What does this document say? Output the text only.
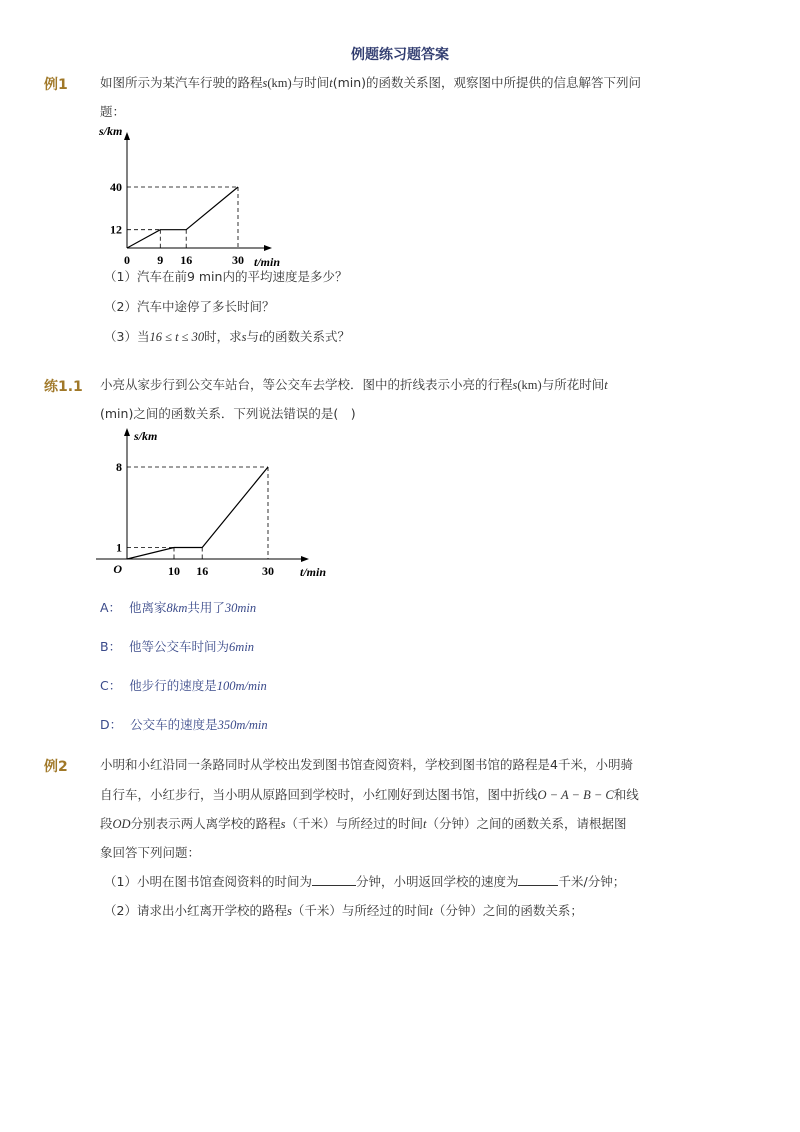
例题练习题答案
例1	如图所示为某汽车行驶的路程s(km)与时间t(min)的函数关系图，观察图中所提供的信息解答下列问
题：
0 9 16	30
12
40
t/min
s/km
（1）汽车在前9 min内的平均速度是多少？
（2）汽车中途停了多长时间？
（3）当16 ≤ t ≤ 30时，求s与t的函数关系式？
练1.1 小亮从家步行到公交车站台，等公交车去学校．图中的折线表示小亮的行程s(km)与所花时间t
(min)之间的函数关系．下列说法错误的是(　)
10 16	30
1
8
O	t/min
s/km
A： 他离家8km共用了30min
B： 他等公交车时间为6min
C： 他步行的速度是100m/min
D： 公交车的速度是350m/min
例2	小明和小红沿同一条路同时从学校出发到图书馆查阅资料，学校到图书馆的路程是4千米，小明骑
自行车，小红步行，当小明从原路回到学校时，小红刚好到达图书馆，图中折线O − A − B − C和线
段OD分别表示两人离学校的路程s（千米）与所经过的时间t（分钟）之间的函数关系，请根据图
象回答下列问题：
（1）小明在图书馆查阅资料的时间为	分钟，小明返回学校的速度为	千米/分钟；
（2）请求出小红离开学校的路程s（千米）与所经过的时间t（分钟）之间的函数关系；
